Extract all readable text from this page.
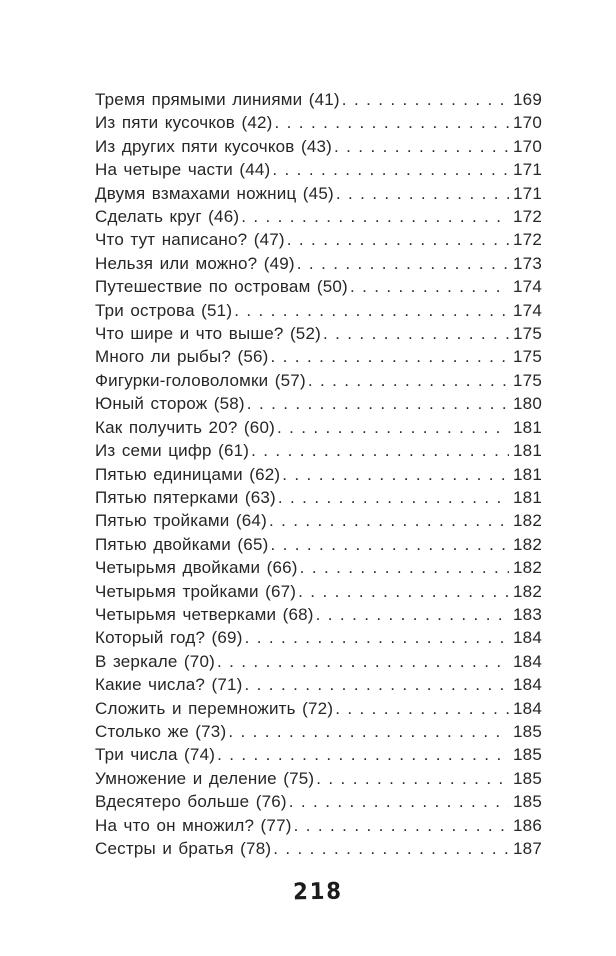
Тремя прямыми линиями (41) . . .	169
Из пяти кусочков (42) . . .	170
Из других пяти кусочков (43) . . .	170
На четыре части (44) . . .	171
Двумя взмахами ножниц (45) . . .	171
Сделать круг (46) . . .	172
Что тут написано? (47) . . .	172
Нельзя или можно? (49) . . .	173
Путешествие по островам (50) . . .	174
Три острова (51) . . .	174
Что шире и что выше? (52) . . .	175
Много ли рыбы? (56) . . .	175
Фигурки-головоломки (57) . . .	175
Юный сторож (58) . . .	180
Как получить 20? (60) . . .	181
Из семи цифр (61) . . .	181
Пятью единицами (62) . . .	181
Пятью пятерками (63) . . .	181
Пятью тройками (64) . . .	182
Пятью двойками (65) . . .	182
Четырьмя двойками (66) . . .	182
Четырьмя тройками (67) . . .	182
Четырьмя четверками (68) . . .	183
Который год? (69) . . .	184
В зеркале (70) . . .	184
Какие числа? (71) . . .	184
Сложить и перемножить (72) . . .	184
Столько же (73) . . .	185
Три числа (74) . . .	185
Умножение и деление (75) . . .	185
Вдесятеро больше (76) . . .	185
На что он множил? (77) . . .	186
Сестры и братья (78) . . .	187
218
